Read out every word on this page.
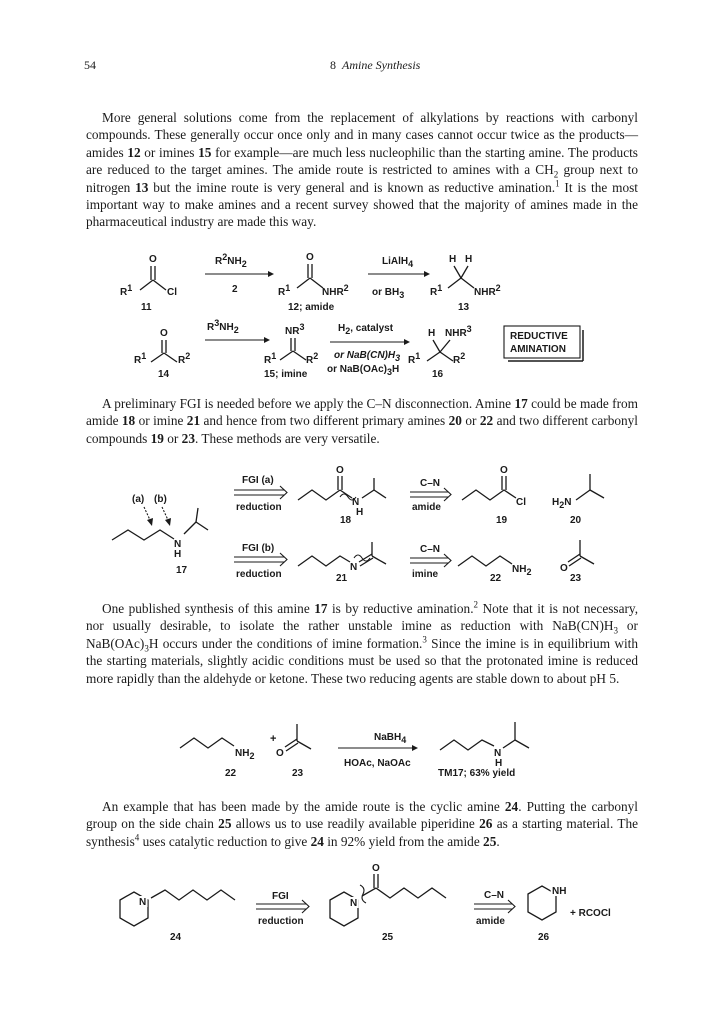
54	8 Amine Synthesis
More general solutions come from the replacement of alkylations by reactions with carbonyl compounds. These generally occur once only and in many cases cannot occur twice as the products—amides 12 or imines 15 for example—are much less nucleophilic than the starting amine. The products are reduced to the target amines. The amide route is restricted to amines with a $CH_2$ group next to nitrogen 13 but the imine route is very general and is known as reductive amination.$^1$ It is the most important way to make amines and a recent survey showed that the majority of amines made in the pharmaceutical industry are made this way.
O
R1	Cl
11
R2NH2
2
O
R1	NHR2
12; amide
LiAlH4
or BH3
H H
R1	NHR2
13
O
R1	R2
14
R3NH2	NR3
R1	R2
15; imine
H2, catalyst
or NaB(CN)H3
or NaB(OAc)3H
H NHR3
R1	R2
16
REDUCTIVE
AMINATION
A preliminary FGI is needed before we apply the C–N disconnection. Amine 17 could be made from amide 18 or imine 21 and hence from two different primary amines 20 or 22 and two different carbonyl compounds 19 or 23. These methods are very versatile.
(a) (b)
N
H
17
FGI (a)
reduction
O
N
H
18
C–N
amide
O
Cl
19
H2N
20
FGI (b)
reduction
N
21
C–N
imine	NH2
22
O
23
One published synthesis of this amine 17 is by reductive amination.$^2$ Note that it is not necessary, nor usually desirable, to isolate the rather unstable imine as reduction with $NaB(CN)H_3$ or $NaB(OAc)_3H$ occurs under the conditions of imine formation.$^3$ Since the imine is in equilibrium with the starting materials, slightly acidic conditions must be used so that the protonated imine is reduced more rapidly than the aldehyde or ketone. These two reducing agents are stable down to about pH 5.
NH2
22
+
O
23
NaBH4
HOAc, NaOAc
N
H
TM17; 63% yield
An example that has been made by the amide route is the cyclic amine 24. Putting the carbonyl group on the side chain 25 allows us to use readily available piperidine 26 as a starting material. The synthesis$^4$ uses catalytic reduction to give 24 in 92% yield from the amide 25.
N
24
FGI
reduction
N
O
25
C–N
amide
NH
+ RCOCl
26
